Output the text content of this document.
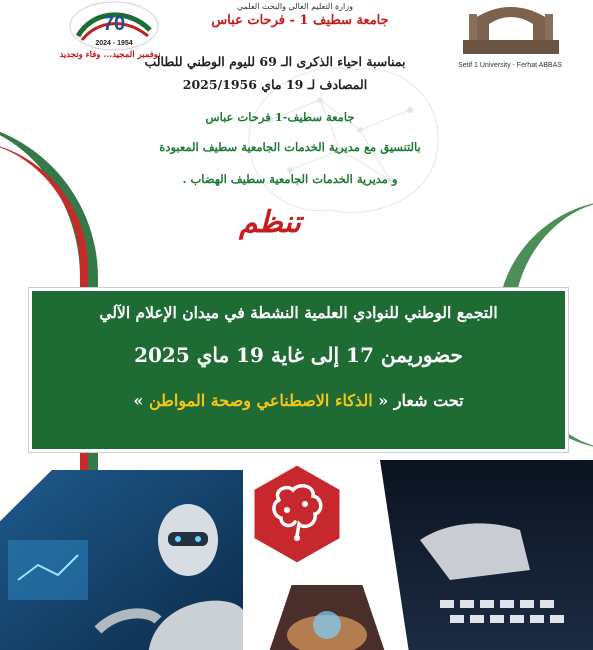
70
2024 - 1954
نوفمبر المجيد... وفاء وتجديد
Setif 1 University - Ferhat ABBAS
وزارة التعليم العالي والبحث العلمي
جامعة سطيف 1 - فرحات عباس
بمناسبة احياء الذكرى الـ 69 لليوم الوطني للطالب
المصادف لـ 19 ماي 2025/1956
جامعة سطيف-1 فرحات عباس
بالتنسيق مع مديرية الخدمات الجامعية سطيف المعبودة
و مديرية الخدمات الجامعية سطيف الهضاب .
تنظم
التجمع الوطني للنوادي العلمية النشطة في ميدان الإعلام الآلي
حضوريمن 17 إلى غاية 19 ماي 2025
تحت شعار « الذكاء الاصطناعي وصحة المواطن »
